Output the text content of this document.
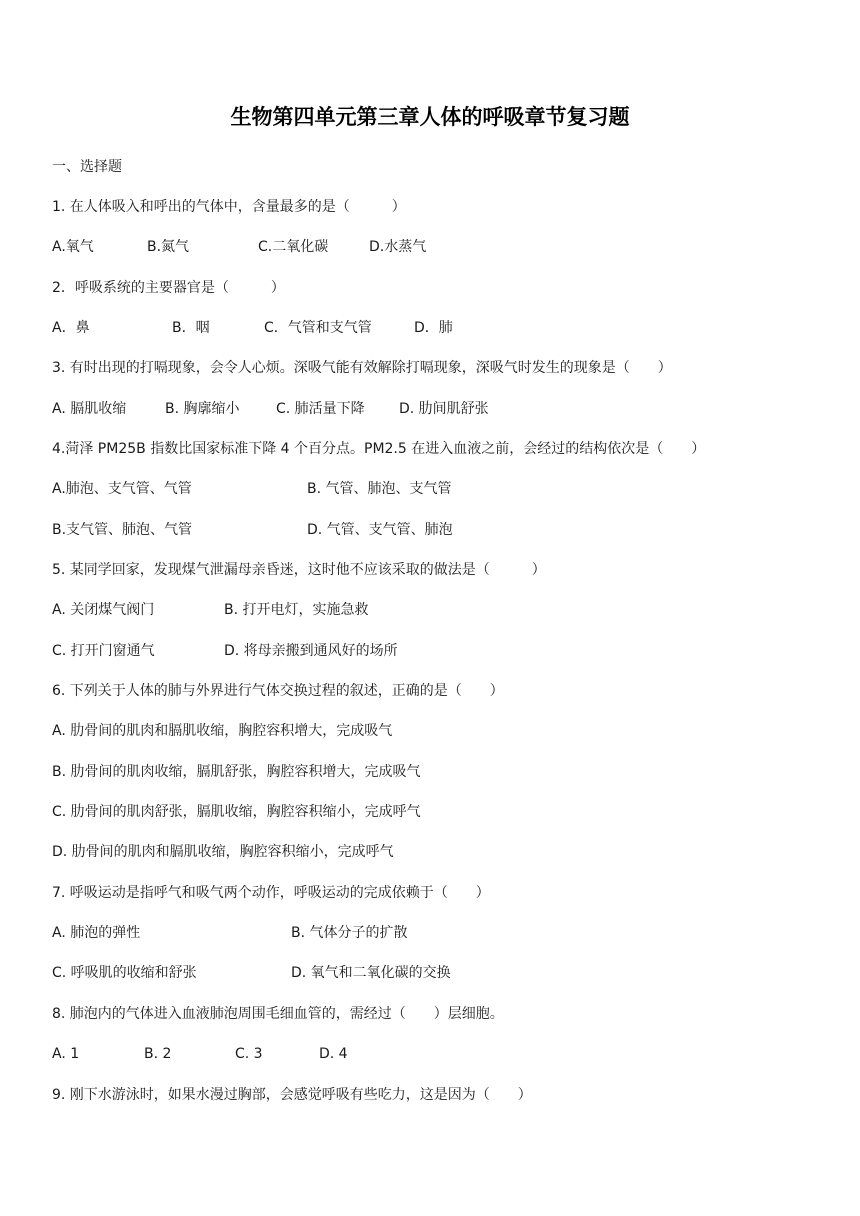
生物第四单元第三章人体的呼吸章节复习题
一、选择题
1. 在人体吸入和呼出的气体中，含量最多的是（　　　）
A.氧气	B.氮气	C.二氧化碳	D.水蒸气
2．呼吸系统的主要器官是（　　　）
A．鼻	B．咽	C．气管和支气管	D．肺
3. 有时出现的打嗝现象，会令人心烦。深吸气能有效解除打嗝现象，深吸气时发生的现象是（　　）
A. 膈肌收缩	B. 胸廓缩小	C. 肺活量下降 D. 肋间肌舒张
4.菏泽 PM25B 指数比国家标准下降 4 个百分点。PM2.5 在进入血液之前，会经过的结构依次是（　　）
A.肺泡、支气管、气管	B. 气管、肺泡、支气管
B.支气管、肺泡、气管	D. 气管、支气管、肺泡
5. 某同学回家，发现煤气泄漏母亲昏迷，这时他不应该采取的做法是（　　　）
A. 关闭煤气阀门	B. 打开电灯，实施急救
C. 打开门窗通气	D. 将母亲搬到通风好的场所
6. 下列关于人体的肺与外界进行气体交换过程的叙述，正确的是（　　）
A. 肋骨间的肌肉和膈肌收缩，胸腔容积增大，完成吸气
B. 肋骨间的肌肉收缩，膈肌舒张，胸腔容积增大，完成吸气
C. 肋骨间的肌肉舒张，膈肌收缩，胸腔容积缩小，完成呼气
D. 肋骨间的肌肉和膈肌收缩，胸腔容积缩小，完成呼气
7. 呼吸运动是指呼气和吸气两个动作，呼吸运动的完成依赖于（　　）
A. 肺泡的弹性	B. 气体分子的扩散
C. 呼吸肌的收缩和舒张	D. 氧气和二氧化碳的交换
8. 肺泡内的气体进入血液肺泡周围毛细血管的，需经过（　　）层细胞。
A. 1	B. 2	C. 3	D. 4
9. 刚下水游泳时，如果水漫过胸部，会感觉呼吸有些吃力，这是因为（　　）
